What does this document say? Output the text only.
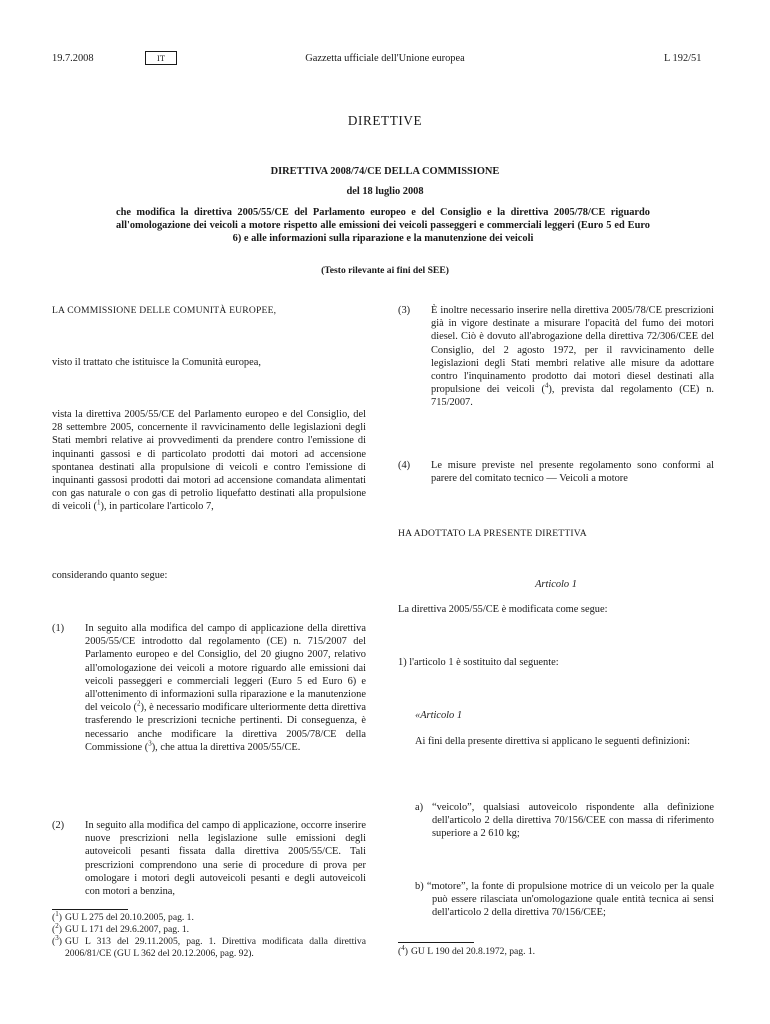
19.7.2008	IT	Gazzetta ufficiale dell'Unione europea	L 192/51
DIRETTIVE
DIRETTIVA 2008/74/CE DELLA COMMISSIONE
del 18 luglio 2008
che modifica la direttiva 2005/55/CE del Parlamento europeo e del Consiglio e la direttiva 2005/78/CE riguardo all'omologazione dei veicoli a motore rispetto alle emissioni dei veicoli passeggeri e commerciali leggeri (Euro 5 ed Euro 6) e alle informazioni sulla riparazione e la manutenzione dei veicoli
(Testo rilevante ai fini del SEE)
LA COMMISSIONE DELLE COMUNITÀ EUROPEE,
visto il trattato che istituisce la Comunità europea,
vista la direttiva 2005/55/CE del Parlamento europeo e del Consiglio, del 28 settembre 2005, concernente il ravvicinamento delle legislazioni degli Stati membri relative ai provvedimenti da prendere contro l'emissione di inquinanti gassosi e di particolato prodotti dai motori ad accensione spontanea destinati alla propulsione di veicoli e contro l'emissione di inquinanti gassosi prodotti dai motori ad accensione comandata alimentati con gas naturale o con gas di petrolio liquefatto destinati alla propulsione di veicoli ($^1$), in particolare l'articolo 7,
considerando quanto segue:
(1) In seguito alla modifica del campo di applicazione della direttiva 2005/55/CE introdotto dal regolamento (CE) n. 715/2007 del Parlamento europeo e del Consiglio, del 20 giugno 2007, relativo all'omologazione dei veicoli a motore riguardo alle emissioni dai veicoli passeggeri e commerciali leggeri (Euro 5 ed Euro 6) e all'ottenimento di informazioni sulla riparazione e la manutenzione del veicolo ($^2$), è necessario modificare ulteriormente detta direttiva trasferendo le prescrizioni tecniche pertinenti. Di conseguenza, è necessario anche modificare la direttiva 2005/78/CE della Commissione ($^3$), che attua la direttiva 2005/55/CE.
(2) In seguito alla modifica del campo di applicazione, occorre inserire nuove prescrizioni nella legislazione sulle emissioni degli autoveicoli pesanti fissata dalla direttiva 2005/55/CE. Tali prescrizioni comprendono una serie di procedure di prova per omologare i motori degli autoveicoli pesanti e degli autoveicoli con motori a benzina,
($^1$) GU L 275 del 20.10.2005, pag. 1.
($^2$) GU L 171 del 29.6.2007, pag. 1.
($^3$) GU L 313 del 29.11.2005, pag. 1. Direttiva modificata dalla direttiva 2006/81/CE (GU L 362 del 20.12.2006, pag. 92).
(3) È inoltre necessario inserire nella direttiva 2005/78/CE prescrizioni già in vigore destinate a misurare l'opacità del fumo dei motori diesel. Ciò è dovuto all'abrogazione della direttiva 72/306/CEE del Consiglio, del 2 agosto 1972, per il ravvicinamento delle legislazioni degli Stati membri relative alle misure da adottare contro l'inquinamento prodotto dai motori diesel destinati alla propulsione dei veicoli ($^4$), prevista dal regolamento (CE) n. 715/2007.
(4) Le misure previste nel presente regolamento sono conformi al parere del comitato tecnico — Veicoli a motore
HA ADOTTATO LA PRESENTE DIRETTIVA
Articolo 1
La direttiva 2005/55/CE è modificata come segue:
1) l'articolo 1 è sostituito dal seguente:
«Articolo 1
Ai fini della presente direttiva si applicano le seguenti definizioni:
a) “veicolo”, qualsiasi autoveicolo rispondente alla definizione dell'articolo 2 della direttiva 70/156/CEE con massa di riferimento superiore a 2 610 kg;
b) “motore”, la fonte di propulsione motrice di un veicolo per la quale può essere rilasciata un'omologazione quale entità tecnica ai sensi dell'articolo 2 della direttiva 70/156/CEE;
($^4$) GU L 190 del 20.8.1972, pag. 1.
